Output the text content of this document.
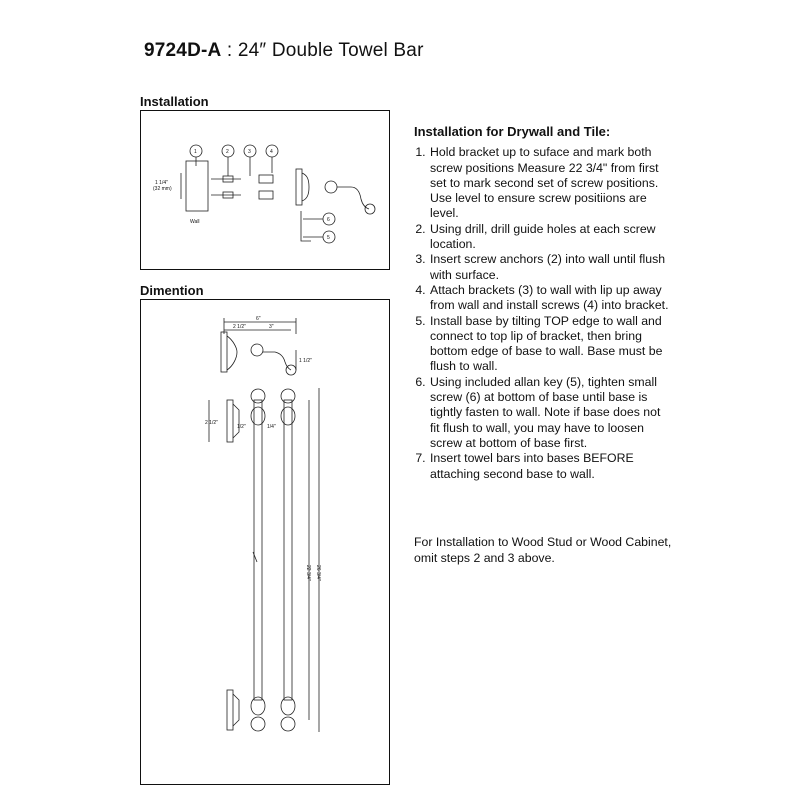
9724D-A : 24″ Double Towel Bar
Installation
1	2	3	4
6
5
1 1/4"
(32 mm)
Wall
Dimention
6"
2 1/2"	3"
1 1/2"
2 1/2"
1/2"	1/4"
22 3/4" 26 3/4"
Installation for Drywall and Tile:
1. Hold bracket up to suface and mark both screw positions Measure 22 3/4" from first set to mark second set of screw positions. Use level to ensure screw positiions are level.
2. Using drill, drill guide holes at each screw location.
3. Insert screw anchors (2) into wall until flush with surface.
4. Attach brackets (3) to wall with lip up away from wall and install screws (4) into bracket.
5. Install base by tilting TOP edge to wall and connect to top lip of bracket, then bring bottom edge of base to wall. Base must be flush to wall.
6. Using included allan key (5), tighten small screw (6) at bottom of base until base is tightly fasten to wall. Note if base does not fit flush to wall, you may have to loosen screw at bottom of base first.
7. Insert towel bars into bases BEFORE attaching second base to wall.
For Installation to Wood Stud or Wood Cabinet, omit steps 2 and 3 above.
